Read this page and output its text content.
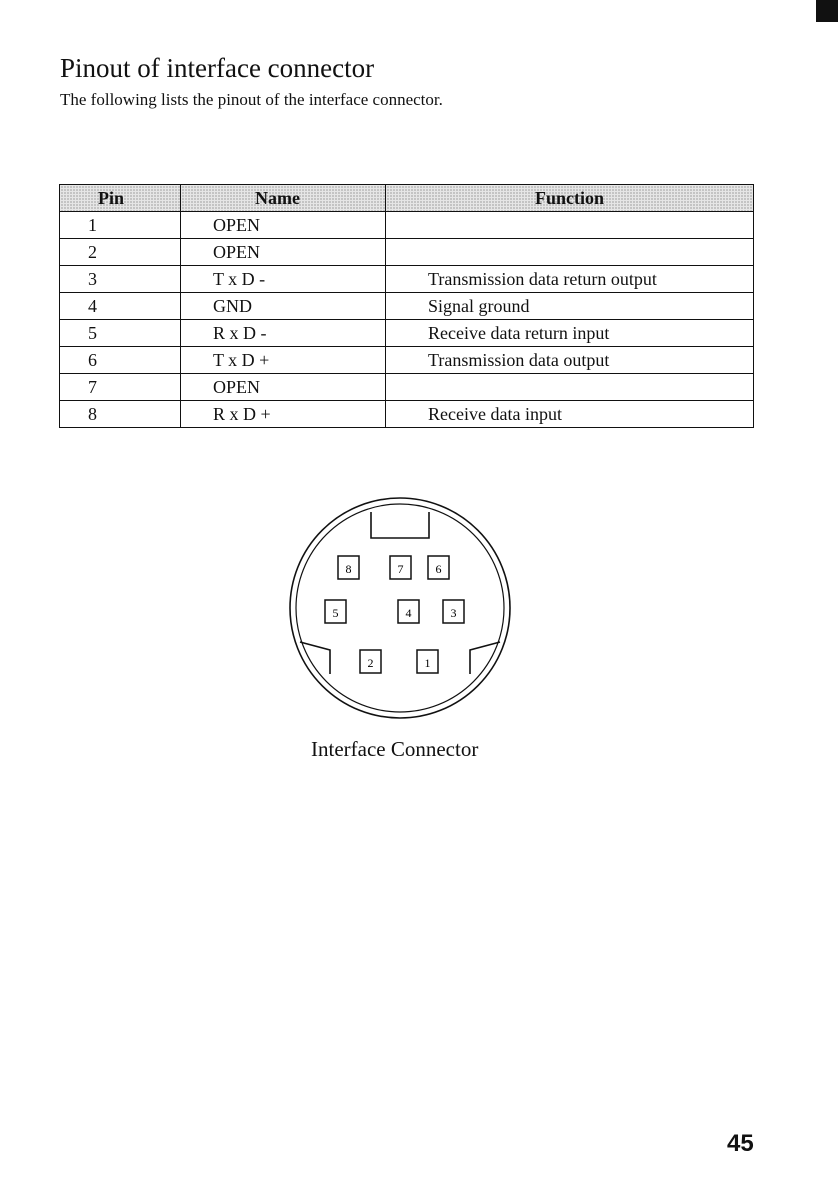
Pinout of interface connector
The following lists the pinout of the interface connector.
Pin	Name	Function
1	OPEN	
2	OPEN	
3	T x D -	Transmission data return output
4	GND	Signal ground
5	R x D -	Receive data return input
6	T x D +	Transmission data output
7	OPEN	
8	R x D +	Receive data input
8	7	6
5	4	3
2	1
Interface Connector
45
